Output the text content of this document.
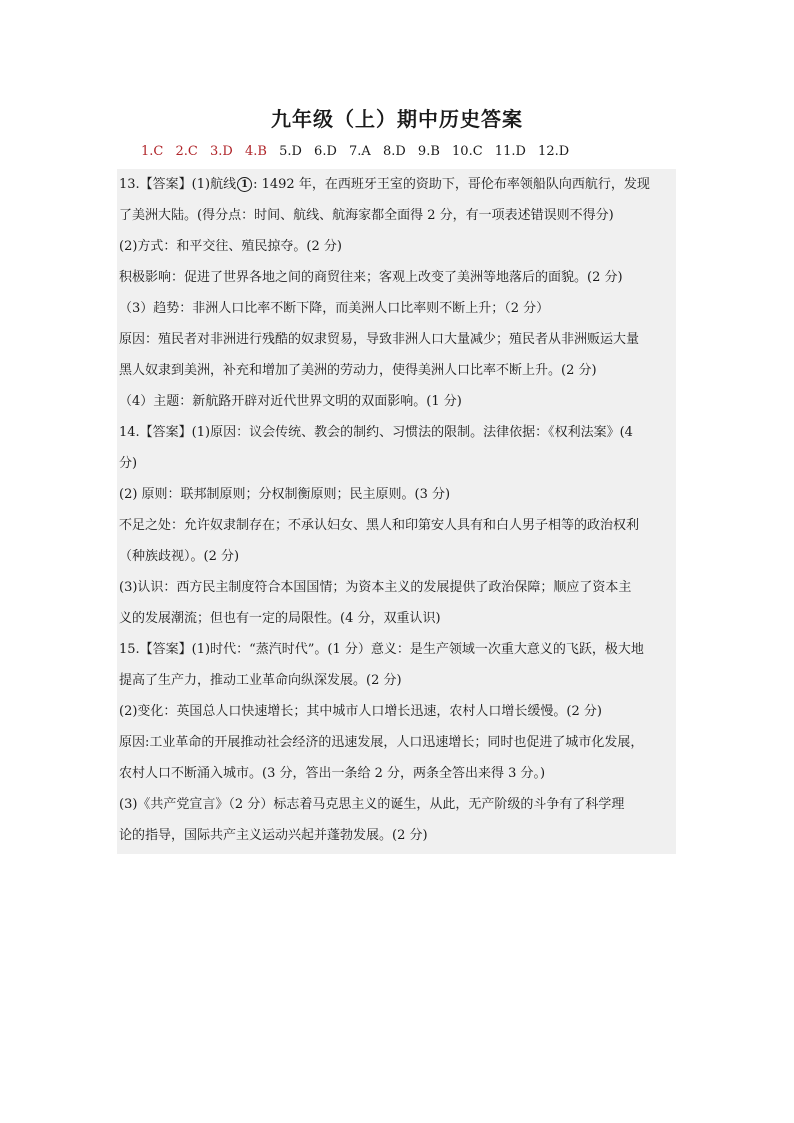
九年级（上）期中历史答案
1.C 2.C 3.D 4.B 5.D 6.D 7.A 8.D 9.B 10.C 11.D 12.D
13.【答案】(1)航线 1 : 1492 年，在西班牙王室的资助下，哥伦布率领船队向西航行，发现
了美洲大陆。(得分点：时间、航线、航海家都全面得 2 分，有一项表述错误则不得分)
(2)方式：和平交往、殖民掠夺。(2 分)
积极影响：促进了世界各地之间的商贸往来；客观上改变了美洲等地落后的面貌。(2 分)
（3）趋势：非洲人口比率不断下降，而美洲人口比率则不断上升；（2 分）
原因：殖民者对非洲进行残酷的奴隶贸易，导致非洲人口大量减少；殖民者从非洲贩运大量
黑人奴隶到美洲，补充和增加了美洲的劳动力，使得美洲人口比率不断上升。(2 分)
（4）主题：新航路开辟对近代世界文明的双面影响。(1 分)
14.【答案】(1)原因：议会传统、教会的制约、习惯法的限制。法律依据：《权利法案》(4
分)
(2) 原则：联邦制原则；分权制衡原则；民主原则。(3 分)
不足之处：允许奴隶制存在；不承认妇女、黑人和印第安人具有和白人男子相等的政治权利
（种族歧视）。(2 分)
(3)认识：西方民主制度符合本国国情；为资本主义的发展提供了政治保障；顺应了资本主
义的发展潮流；但也有一定的局限性。(4 分，双重认识)
15.【答案】(1)时代：“蒸汽时代”。(1 分）意义：是生产领域一次重大意义的飞跃，极大地
提高了生产力，推动工业革命向纵深发展。(2 分)
(2)变化：英国总人口快速增长；其中城市人口增长迅速，农村人口增长缓慢。(2 分)
原因:工业革命的开展推动社会经济的迅速发展，人口迅速增长；同时也促进了城市化发展，
农村人口不断涌入城市。(3 分，答出一条给 2 分，两条全答出来得 3 分。)
(3)《共产党宣言》（2 分）标志着马克思主义的诞生，从此，无产阶级的斗争有了科学理
论的指导，国际共产主义运动兴起并蓬勃发展。(2 分)
